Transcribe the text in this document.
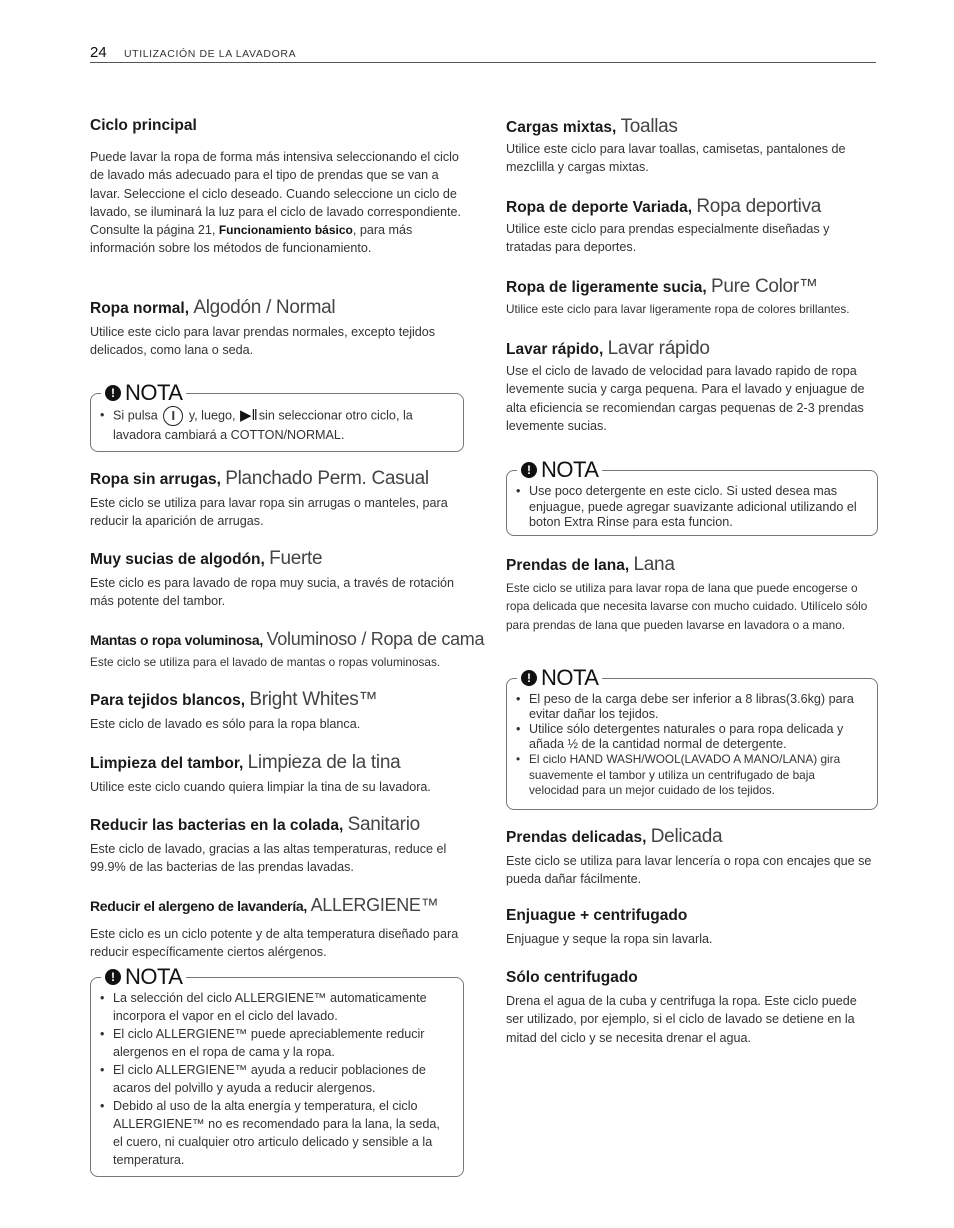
24 UTILIZACIÓN DE LA LAVADORA
Ciclo principal

Puede lavar la ropa de forma más intensiva seleccionando el ciclo de lavado más adecuado para el tipo de prendas que se van a lavar. Seleccione el ciclo deseado. Cuando seleccione un ciclo de lavado, se iluminará la luz para el ciclo de lavado correspondiente. Consulte la página 21, Funcionamiento básico, para más información sobre los métodos de funcionamiento.

Ropa normal, Algodón / Normal

Utilice este ciclo para lavar prendas normales, excepto tejidos delicados, como lana o seda.

! NOTA
• Si pulsa I y, luego, ▶‖sin seleccionar otro ciclo, la lavadora cambiará a COTTON/NORMAL.
Ropa sin arrugas, Planchado Perm. Casual

Este ciclo se utiliza para lavar ropa sin arrugas o manteles, para reducir la aparición de arrugas.

Muy sucias de algodón, Fuerte

Este ciclo es para lavado de ropa muy sucia, a través de rotación más potente del tambor.

Mantas o ropa voluminosa, Voluminoso / Ropa de cama

Este ciclo se utiliza para el lavado de mantas o ropas voluminosas.

Para tejidos blancos, Bright Whites™

Este ciclo de lavado es sólo para la ropa blanca.

Limpieza del tambor, Limpieza de la tina

Utilice este ciclo cuando quiera limpiar la tina de su lavadora.

Reducir las bacterias en la colada, Sanitario

Este ciclo de lavado, gracias a las altas temperaturas, reduce el 99.9% de las bacterias de las prendas lavadas.

Reducir el alergeno de lavandería, ALLERGIENE™

Este ciclo es un ciclo potente y de alta temperatura diseñado para reducir específicamente ciertos alérgenos.

! NOTA
• La selección del ciclo ALLERGIENE™ automaticamente incorpora el vapor en el ciclo del lavado.
• El ciclo ALLERGIENE™ puede apreciablemente reducir alergenos en el ropa de cama y la ropa.
• El ciclo ALLERGIENE™ ayuda a reducir poblaciones de acaros del polvillo y ayuda a reducir alergenos.
• Debido al uso de la alta energía y temperatura, el ciclo ALLERGIENE™ no es recomendado para la lana, la seda, el cuero, ni cualquier otro articulo delicado y sensible a la temperatura.
Cargas mixtas, Toallas

Utilice este ciclo para lavar toallas, camisetas, pantalones de mezclilla y cargas mixtas.

Ropa de deporte Variada, Ropa deportiva

Utilice este ciclo para prendas especialmente diseñadas y tratadas para deportes.

Ropa de ligeramente sucia, Pure Color™

Utilice este ciclo para lavar ligeramente ropa de colores brillantes.

Lavar rápido, Lavar rápido

Use el ciclo de lavado de velocidad para lavado rapido de ropa levemente sucia y carga pequena. Para el lavado y enjuague de alta eficiencia se recomiendan cargas pequenas de 2-3 prendas levemente sucias.

! NOTA
• Use poco detergente en este ciclo. Si usted desea mas enjuague, puede agregar suavizante adicional utilizando el boton Extra Rinse para esta funcion.
Prendas de lana, Lana

Este ciclo se utiliza para lavar ropa de lana que puede encogerse o ropa delicada que necesita lavarse con mucho cuidado. Utilícelo sólo para prendas de lana que pueden lavarse en lavadora o a mano.

! NOTA
• El peso de la carga debe ser inferior a 8 libras(3.6kg) para evitar dañar los tejidos.
• Utilice sólo detergentes naturales o para ropa delicada y añada ½ de la cantidad normal de detergente.
• El ciclo HAND WASH/WOOL(LAVADO A MANO/LANA) gira suavemente el tambor y utiliza un centrifugado de baja velocidad para un mejor cuidado de los tejidos.
Prendas delicadas, Delicada

Este ciclo se utiliza para lavar lencería o ropa con encajes que se pueda dañar fácilmente.

Enjuague + centrifugado

Enjuague y seque la ropa sin lavarla.

Sólo centrifugado

Drena el agua de la cuba y centrifuga la ropa. Este ciclo puede ser utilizado, por ejemplo, si el ciclo de lavado se detiene en la mitad del ciclo y se necesita drenar el agua.
